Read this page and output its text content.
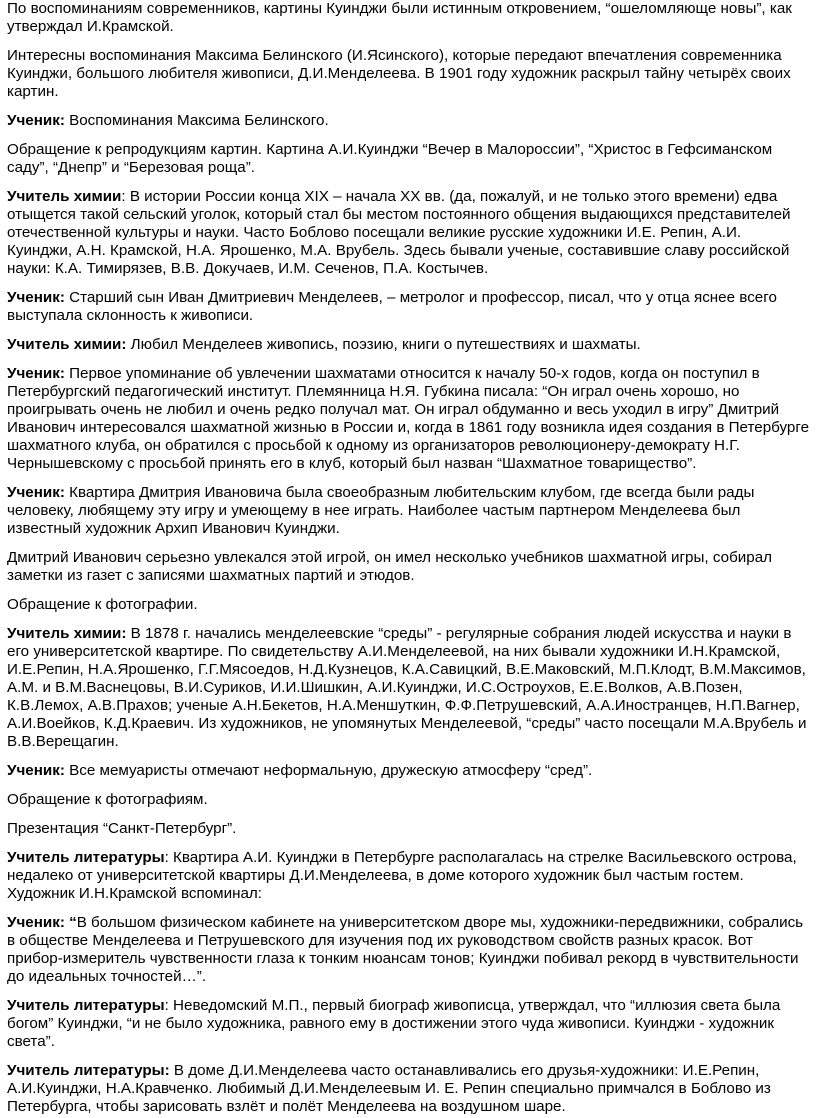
По воспоминаниям современников, картины Куинджи были истинным откровением, “ошеломляюще новы”, как утверждал И.Крамской.

Интересны воспоминания Максима Белинского (И.Ясинского), которые передают впечатления современника Куинджи, большого любителя живописи, Д.И.Менделеева. В 1901 году художник раскрыл тайну четырёх своих картин.

Ученик: Воспоминания Максима Белинского.

Обращение к репродукциям картин. Картина А.И.Куинджи “Вечер в Малороссии”, “Христос в Гефсиманском саду”, “Днепр” и “Березовая роща”.

Учитель химии: В истории России конца XIX – начала XX вв. (да, пожалуй, и не только этого времени) едва отыщется такой сельский уголок, который стал бы местом постоянного общения выдающихся представителей отечественной культуры и науки. Часто Боблово посещали великие русские художники И.Е. Репин, А.И. Куинджи, А.Н. Крамской, Н.А. Ярошенко, М.А. Врубель. Здесь бывали ученые, составившие славу российской науки: К.А. Тимирязев, В.В. Докучаев, И.М. Сеченов, П.А. Костычев.

Ученик: Старший сын Иван Дмитриевич Менделеев, – метролог и профессор, писал, что у отца яснее всего выступала склонность к живописи.

Учитель химии: Любил Менделеев живопись, поэзию, книги о путешествиях и шахматы.

Ученик: Первое упоминание об увлечении шахматами относится к началу 50-х годов, когда он поступил в Петербургский педагогический институт. Племянница Н.Я. Губкина писала: “Он играл очень хорошо, но проигрывать очень не любил и очень редко получал мат. Он играл обдуманно и весь уходил в игру” Дмитрий Иванович интересовался шахматной жизнью в России и, когда в 1861 году возникла идея создания в Петербурге шахматного клуба, он обратился с просьбой к одному из организаторов революционеру-демократу Н.Г. Чернышевскому с просьбой принять его в клуб, который был назван “Шахматное товарищество”.

Ученик: Квартира Дмитрия Ивановича была своеобразным любительским клубом, где всегда были рады человеку, любящему эту игру и умеющему в нее играть. Наиболее частым партнером Менделеева был известный художник Архип Иванович Куинджи.

Дмитрий Иванович серьезно увлекался этой игрой, он имел несколько учебников шахматной игры, собирал заметки из газет с записями шахматных партий и этюдов.

Обращение к фотографии.

Учитель химии: В 1878 г. начались менделеевские “среды” - регулярные собрания людей искусства и науки в его университетской квартире. По свидетельству А.И.Менделеевой, на них бывали художники И.Н.Крамской, И.Е.Репин, Н.А.Ярошенко, Г.Г.Мясоедов, Н.Д.Кузнецов, К.А.Савицкий, В.Е.Маковский, М.П.Клодт, В.М.Максимов, А.М. и В.М.Васнецовы, В.И.Суриков, И.И.Шишкин, А.И.Куинджи, И.С.Остроухов, Е.Е.Волков, А.В.Позен, К.В.Лемох, А.В.Прахов; ученые А.Н.Бекетов, Н.А.Меншуткин, Ф.Ф.Петрушевский, А.А.Иностранцев, Н.П.Вагнер, А.И.Воейков, К.Д.Краевич. Из художников, не упомянутых Менделеевой, “среды” часто посещали М.А.Врубель и В.В.Верещагин.

Ученик: Все мемуаристы отмечают неформальную, дружескую атмосферу “сред”.

Обращение к фотографиям.

Презентация “Санкт-Петербург”.

Учитель литературы: Квартира А.И. Куинджи в Петербурге располагалась на стрелке Васильевского острова, недалеко от университетской квартиры Д.И.Менделеева, в доме которого художник был частым гостем. Художник И.Н.Крамской вспоминал:

Ученик: “В большом физическом кабинете на университетском дворе мы, художники-передвижники, собрались в обществе Менделеева и Петрушевского для изучения под их руководством свойств разных красок. Вот прибор-измеритель чувственности глаза к тонким нюансам тонов; Куинджи побивал рекорд в чувствительности до идеальных точностей…”.

Учитель литературы: Неведомский М.П., первый биограф живописца, утверждал, что “иллюзия света была богом” Куинджи, “и не было художника, равного ему в достижении этого чуда живописи. Куинджи - художник света”.

Учитель литературы: В доме Д.И.Менделеева часто останавливались его друзья-художники: И.Е.Репин, А.И.Куинджи, Н.А.Кравченко. Любимый Д.И.Менделеевым И. Е. Репин специально примчался в Боблово из Петербурга, чтобы зарисовать взлёт и полёт Менделеева на воздушном шаре.
